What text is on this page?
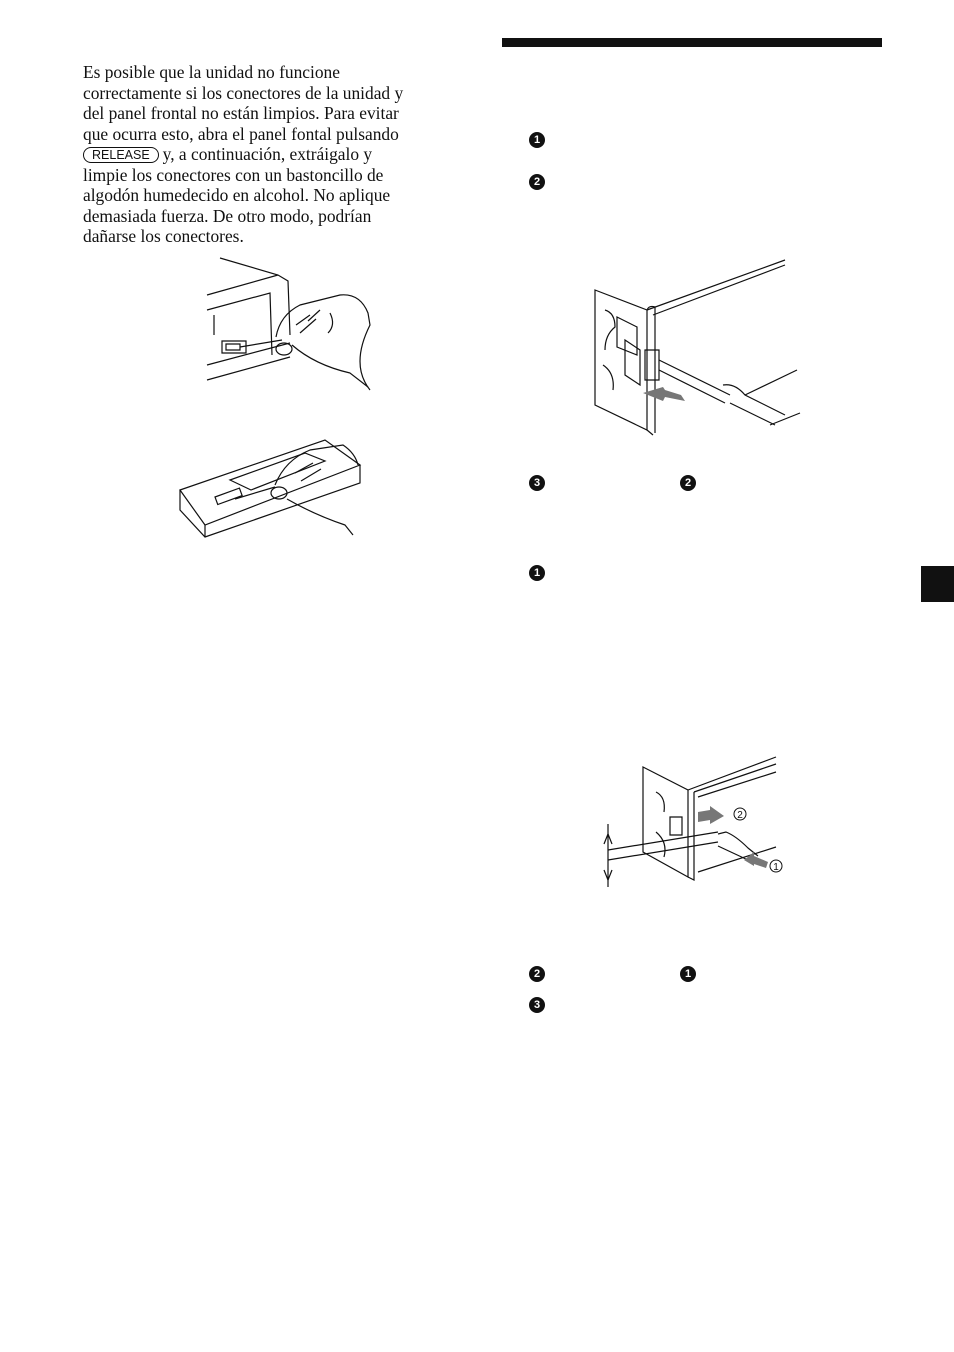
Es posible que la unidad no funcione
correctamente si los conectores de la unidad y
del panel frontal no están limpios. Para evitar
que ocurra esto, abra el panel fontal pulsando
RELEASE y, a continuación, extráigalo y
limpie los conectores con un bastoncillo de
algodón humedecido en alcohol. No aplique
demasiada fuerza. De otro modo, podrían
dañarse los conectores.
1
2
3	2
1
2
1
2	1
3
